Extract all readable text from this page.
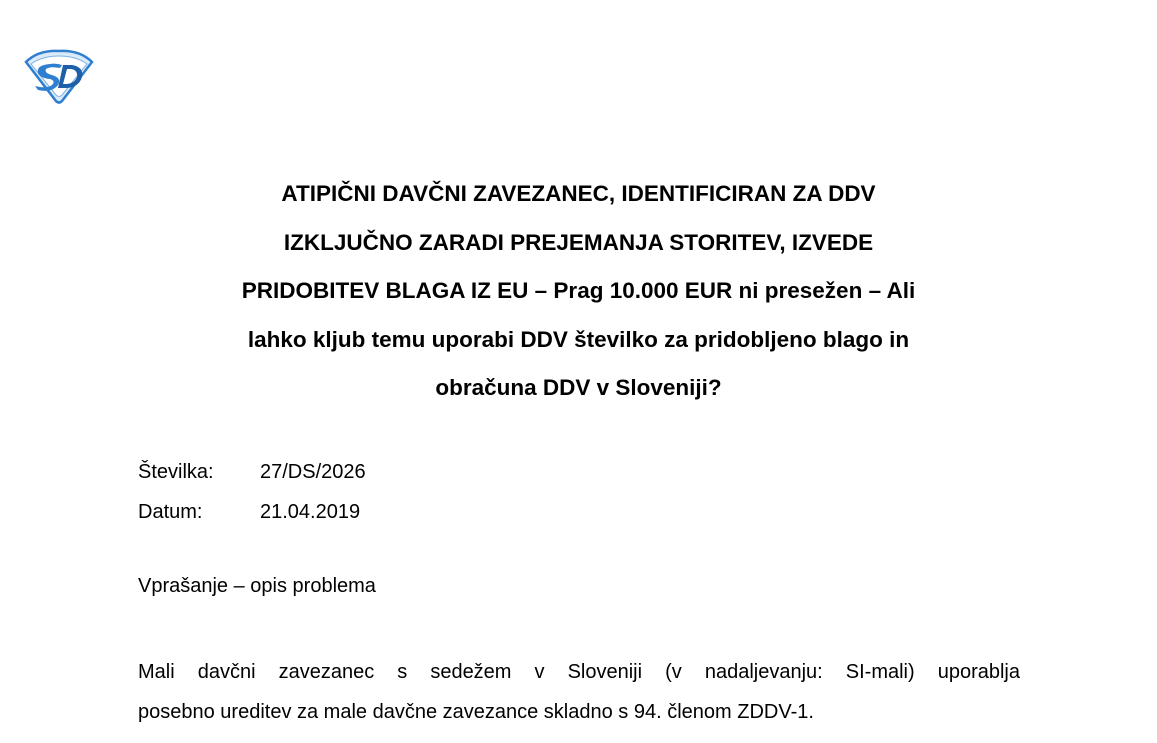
ATIPIČNI DAVČNI ZAVEZANEC, IDENTIFICIRAN ZA DDV
IZKLJUČNO ZARADI PREJEMANJA STORITEV, IZVEDE
PRIDOBITEV BLAGA IZ EU – Prag 10.000 EUR ni presežen – Ali
lahko kljub temu uporabi DDV številko za pridobljeno blago in
obračuna DDV v Sloveniji?
Številka:	27/DS/2026
Datum:	21.04.2019
Vprašanje – opis problema
Mali davčni zavezanec s sedežem v Sloveniji (v nadaljevanju: SI-mali) uporablja
posebno ureditev za male davčne zavezance skladno s 94. členom ZDDV-1.
